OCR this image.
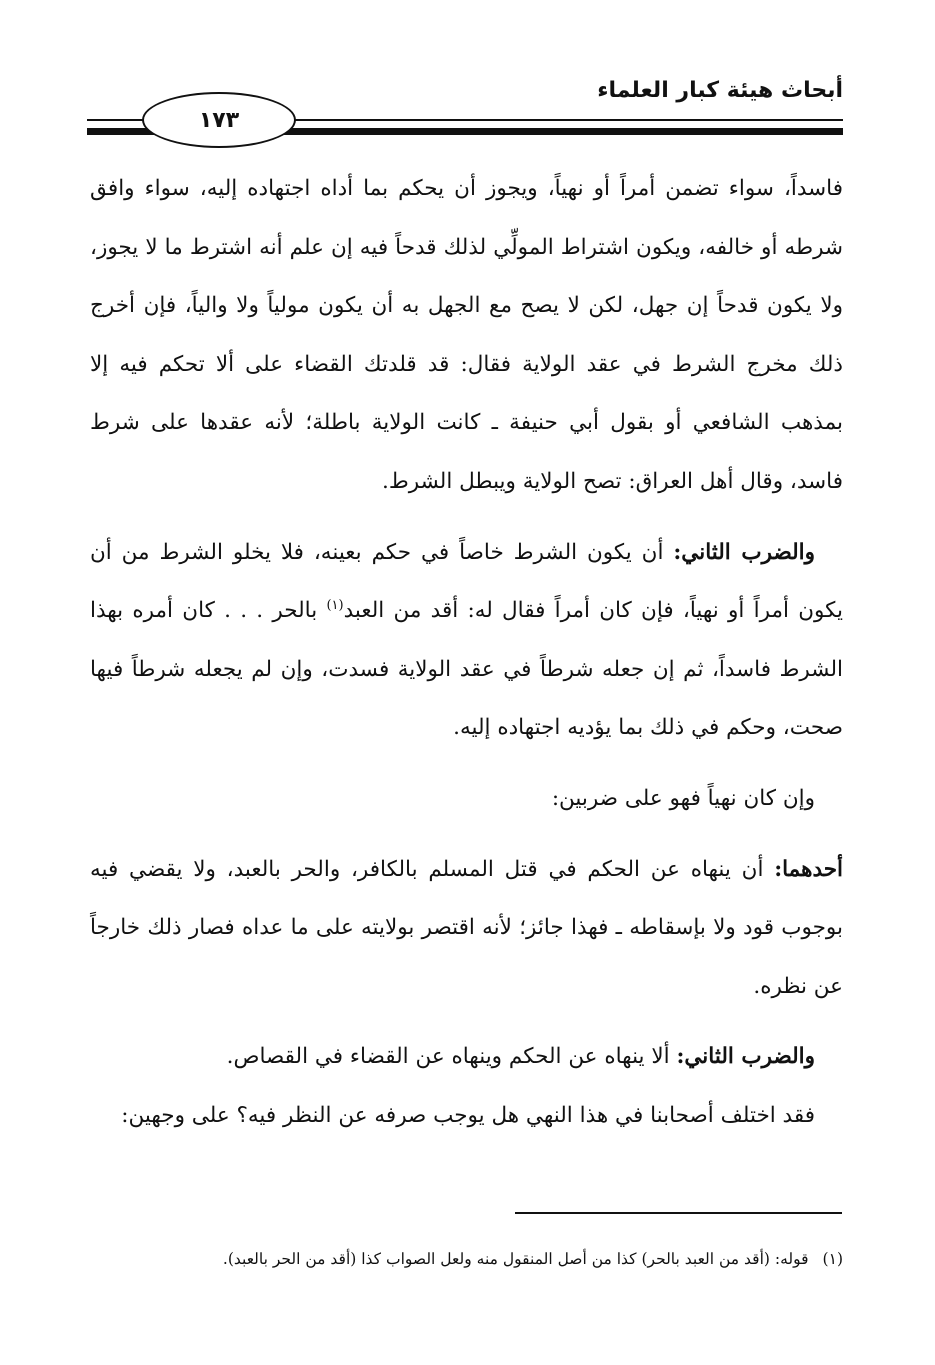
أبحاث هيئة كبار العلماء
١٧٣

فاسداً، سواء تضمن أمراً أو نهياً، ويجوز أن يحكم بما أداه اجتهاده إليه، سواء وافق شرطه أو خالفه، ويكون اشتراط المولِّي لذلك قدحاً فيه إن علم أنه اشترط ما لا يجوز، ولا يكون قدحاً إن جهل، لكن لا يصح مع الجهل به أن يكون مولياً ولا والياً، فإن أخرج ذلك مخرج الشرط في عقد الولاية فقال: قد قلدتك القضاء على ألا تحكم فيه إلا بمذهب الشافعي أو بقول أبي حنيفة ـ كانت الولاية باطلة؛ لأنه عقدها على شرط فاسد، وقال أهل العراق: تصح الولاية ويبطل الشرط.

والضرب الثاني: أن يكون الشرط خاصاً في حكم بعينه، فلا يخلو الشرط من أن يكون أمراً أو نهياً، فإن كان أمراً فقال له: أقد من العبد$^{(١)}$ بالحر . . . كان أمره بهذا الشرط فاسداً، ثم إن جعله شرطاً في عقد الولاية فسدت، وإن لم يجعله شرطاً فيها صحت، وحكم في ذلك بما يؤديه اجتهاده إليه.

وإن كان نهياً فهو على ضربين:

أحدهما: أن ينهاه عن الحكم في قتل المسلم بالكافر، والحر بالعبد، ولا يقضي فيه بوجوب قود ولا بإسقاطه ـ فهذا جائز؛ لأنه اقتصر بولايته على ما عداه فصار ذلك خارجاً عن نظره.

والضرب الثاني: ألا ينهاه عن الحكم وينهاه عن القضاء في القصاص.

فقد اختلف أصحابنا في هذا النهي هل يوجب صرفه عن النظر فيه؟ على وجهين:

(١)قوله: (أقد من العبد بالحر) كذا من أصل المنقول منه ولعل الصواب كذا (أقد من الحر بالعبد).
